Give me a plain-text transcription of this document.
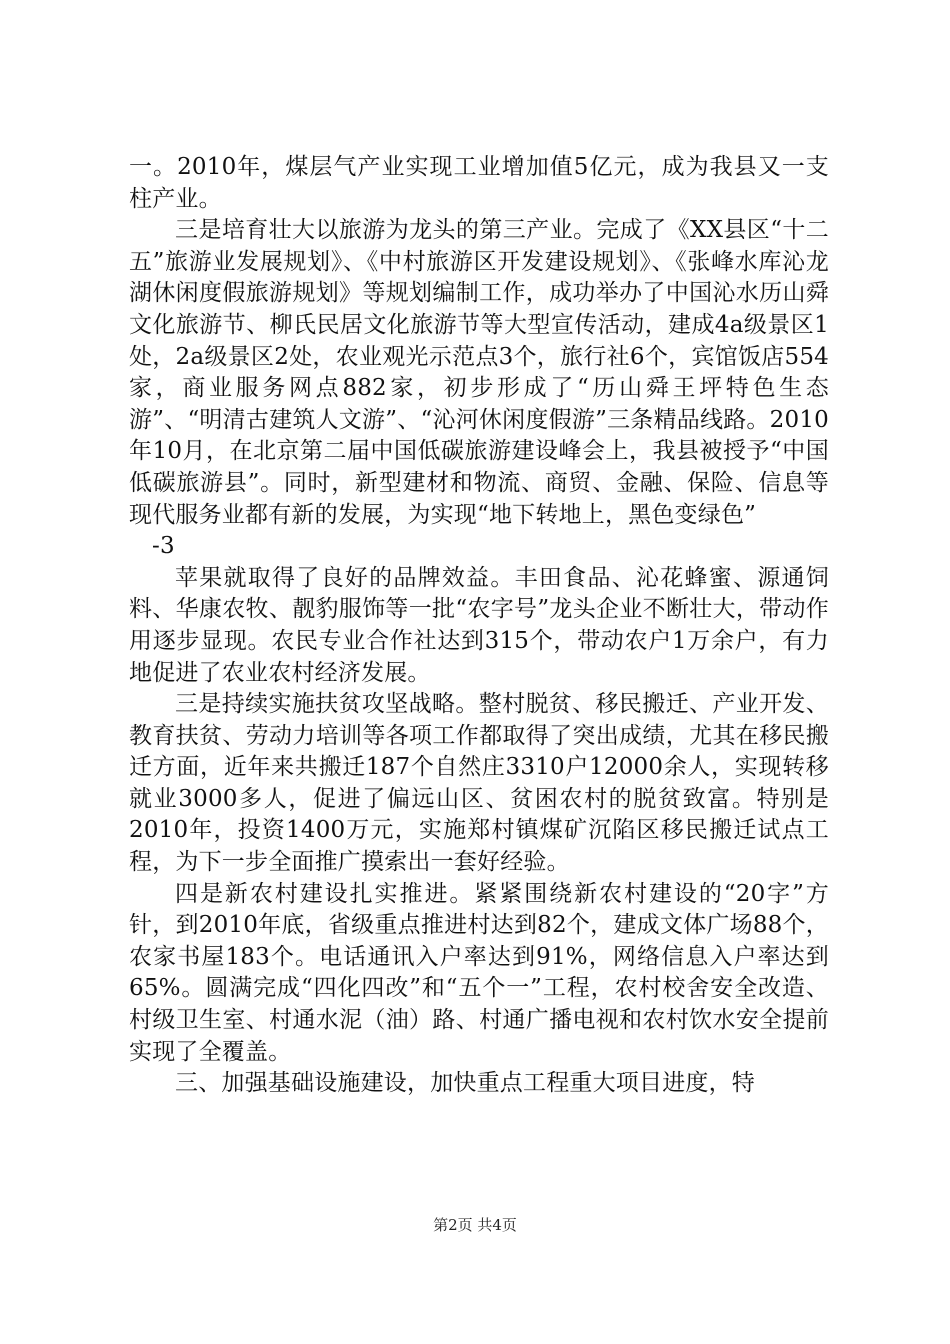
一。2010年，煤层气产业实现工业增加值5亿元，成为我县又一支柱产业。

三是培育壮大以旅游为龙头的第三产业。完成了《XX县区“十二五”旅游业发展规划》、《中村旅游区开发建设规划》、《张峰水库沁龙湖休闲度假旅游规划》等规划编制工作，成功举办了中国沁水历山舜文化旅游节、柳氏民居文化旅游节等大型宣传活动，建成4a级景区1处，2a级景区2处，农业观光示范点3个，旅行社6个，宾馆饭店554家，商业服务网点882家，初步形成了“历山舜王坪特色生态游”、“明清古建筑人文游”、“沁河休闲度假游”三条精品线路。2010年10月，在北京第二届中国低碳旅游建设峰会上，我县被授予“中国低碳旅游县”。同时，新型建材和物流、商贸、金融、保险、信息等现代服务业都有新的发展，为实现“地下转地上，黑色变绿色”

-3

苹果就取得了良好的品牌效益。丰田食品、沁花蜂蜜、源通饲料、华康农牧、靓豹服饰等一批“农字号”龙头企业不断壮大，带动作用逐步显现。农民专业合作社达到315个，带动农户1万余户，有力地促进了农业农村经济发展。

三是持续实施扶贫攻坚战略。整村脱贫、移民搬迁、产业开发、教育扶贫、劳动力培训等各项工作都取得了突出成绩，尤其在移民搬迁方面，近年来共搬迁187个自然庄3310户12000余人，实现转移就业3000多人，促进了偏远山区、贫困农村的脱贫致富。特别是2010年，投资1400万元，实施郑村镇煤矿沉陷区移民搬迁试点工程，为下一步全面推广摸索出一套好经验。

四是新农村建设扎实推进。紧紧围绕新农村建设的“20字”方针，到2010年底，省级重点推进村达到82个，建成文体广场88个，农家书屋183个。电话通讯入户率达到91%，网络信息入户率达到65%。圆满完成“四化四改”和“五个一”工程，农村校舍安全改造、村级卫生室、村通水泥（油）路、村通广播电视和农村饮水安全提前实现了全覆盖。

三、加强基础设施建设，加快重点工程重大项目进度，特

第2页 共4页
